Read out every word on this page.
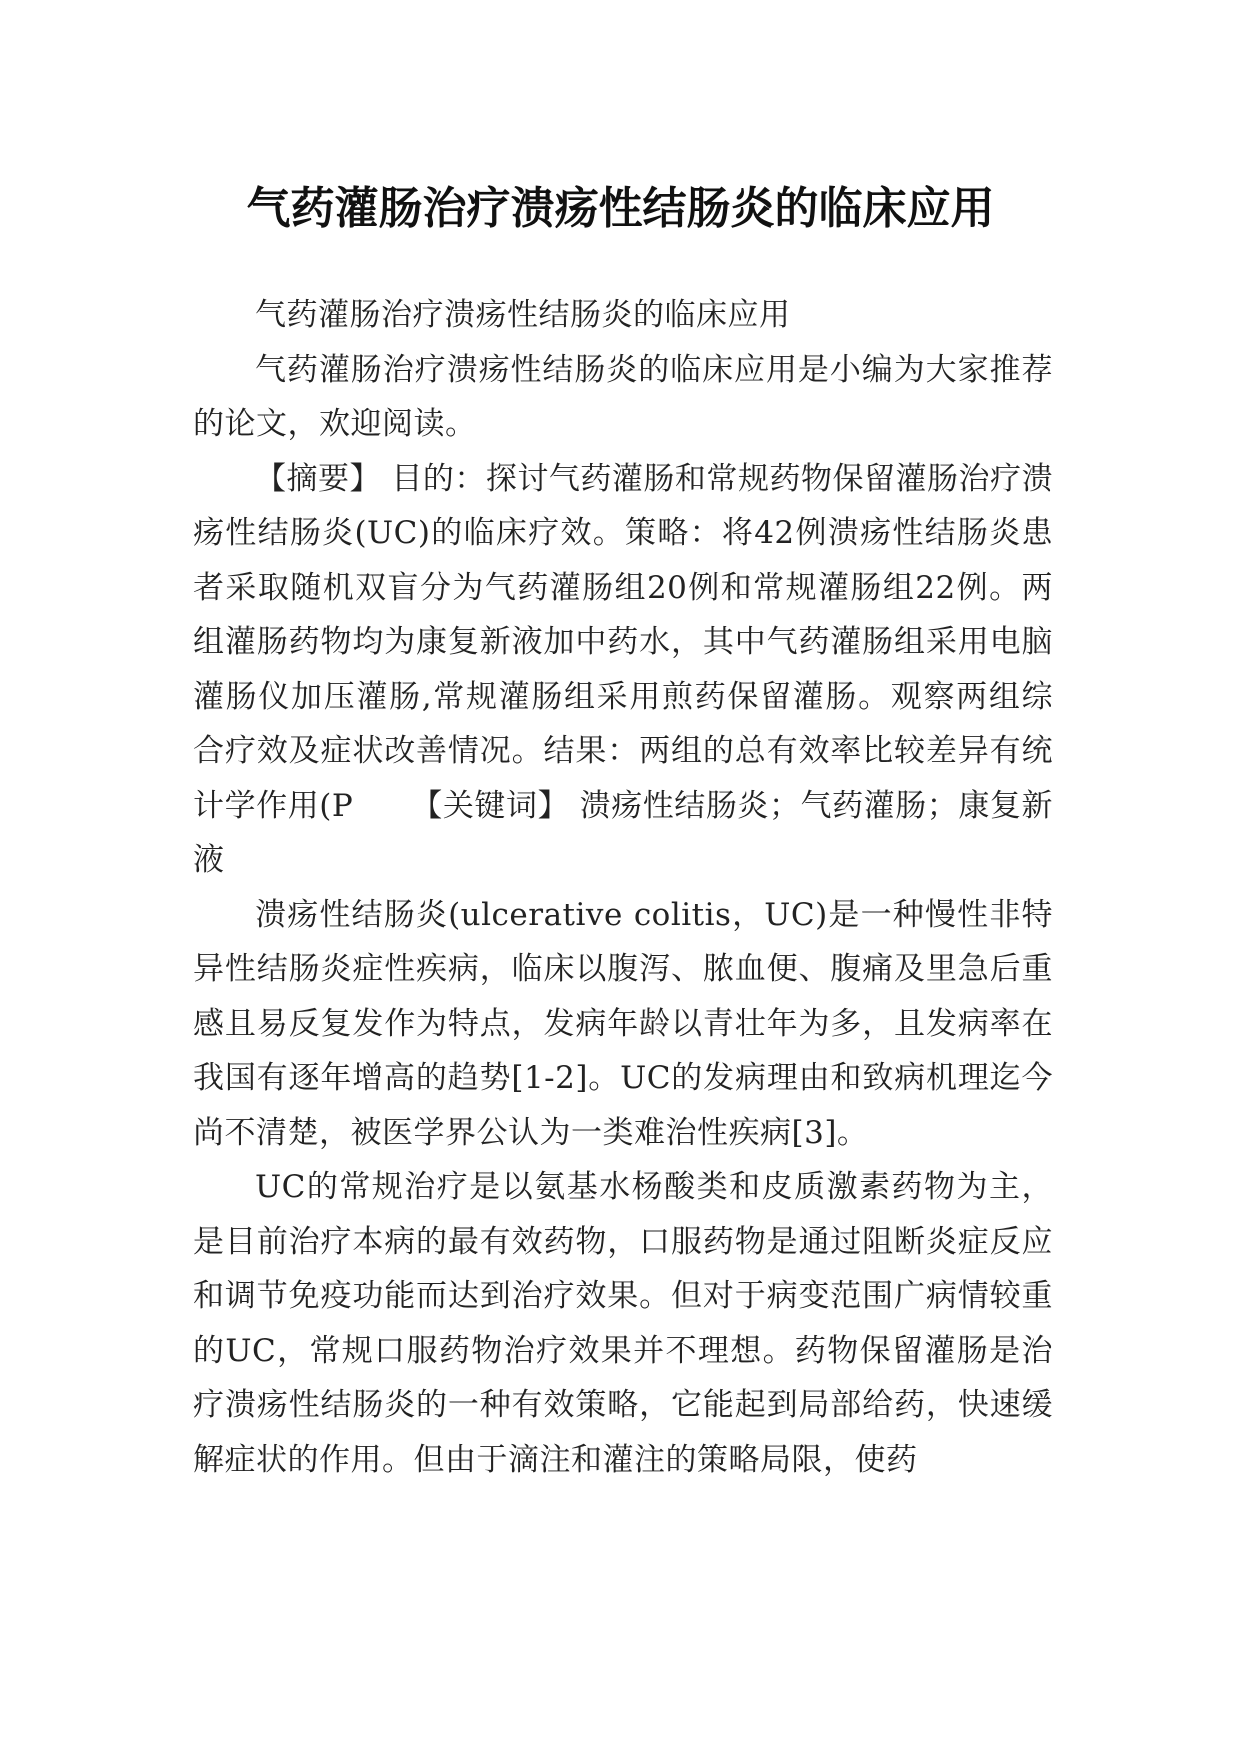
气药灌肠治疗溃疡性结肠炎的临床应用

气药灌肠治疗溃疡性结肠炎的临床应用

气药灌肠治疗溃疡性结肠炎的临床应用是小编为大家推荐的论文，欢迎阅读。

【摘要】 目的：探讨气药灌肠和常规药物保留灌肠治疗溃疡性结肠炎(UC)的临床疗效。策略：将42例溃疡性结肠炎患者采取随机双盲分为气药灌肠组20例和常规灌肠组22例。两组灌肠药物均为康复新液加中药水，其中气药灌肠组采用电脑灌肠仪加压灌肠,常规灌肠组采用煎药保留灌肠。观察两组综合疗效及症状改善情况。结果：两组的总有效率比较差异有统计学作用(P 【关键词】 溃疡性结肠炎；气药灌肠；康复新液

溃疡性结肠炎(ulcerative colitis，UC)是一种慢性非特异性结肠炎症性疾病，临床以腹泻、脓血便、腹痛及里急后重感且易反复发作为特点，发病年龄以青壮年为多，且发病率在我国有逐年增高的趋势[1-2]。UC的发病理由和致病机理迄今尚不清楚，被医学界公认为一类难治性疾病[3]。

UC的常规治疗是以氨基水杨酸类和皮质激素药物为主，是目前治疗本病的最有效药物，口服药物是通过阻断炎症反应和调节免疫功能而达到治疗效果。但对于病变范围广病情较重的UC，常规口服药物治疗效果并不理想。药物保留灌肠是治疗溃疡性结肠炎的一种有效策略，它能起到局部给药，快速缓解症状的作用。但由于滴注和灌注的策略局限，使药
